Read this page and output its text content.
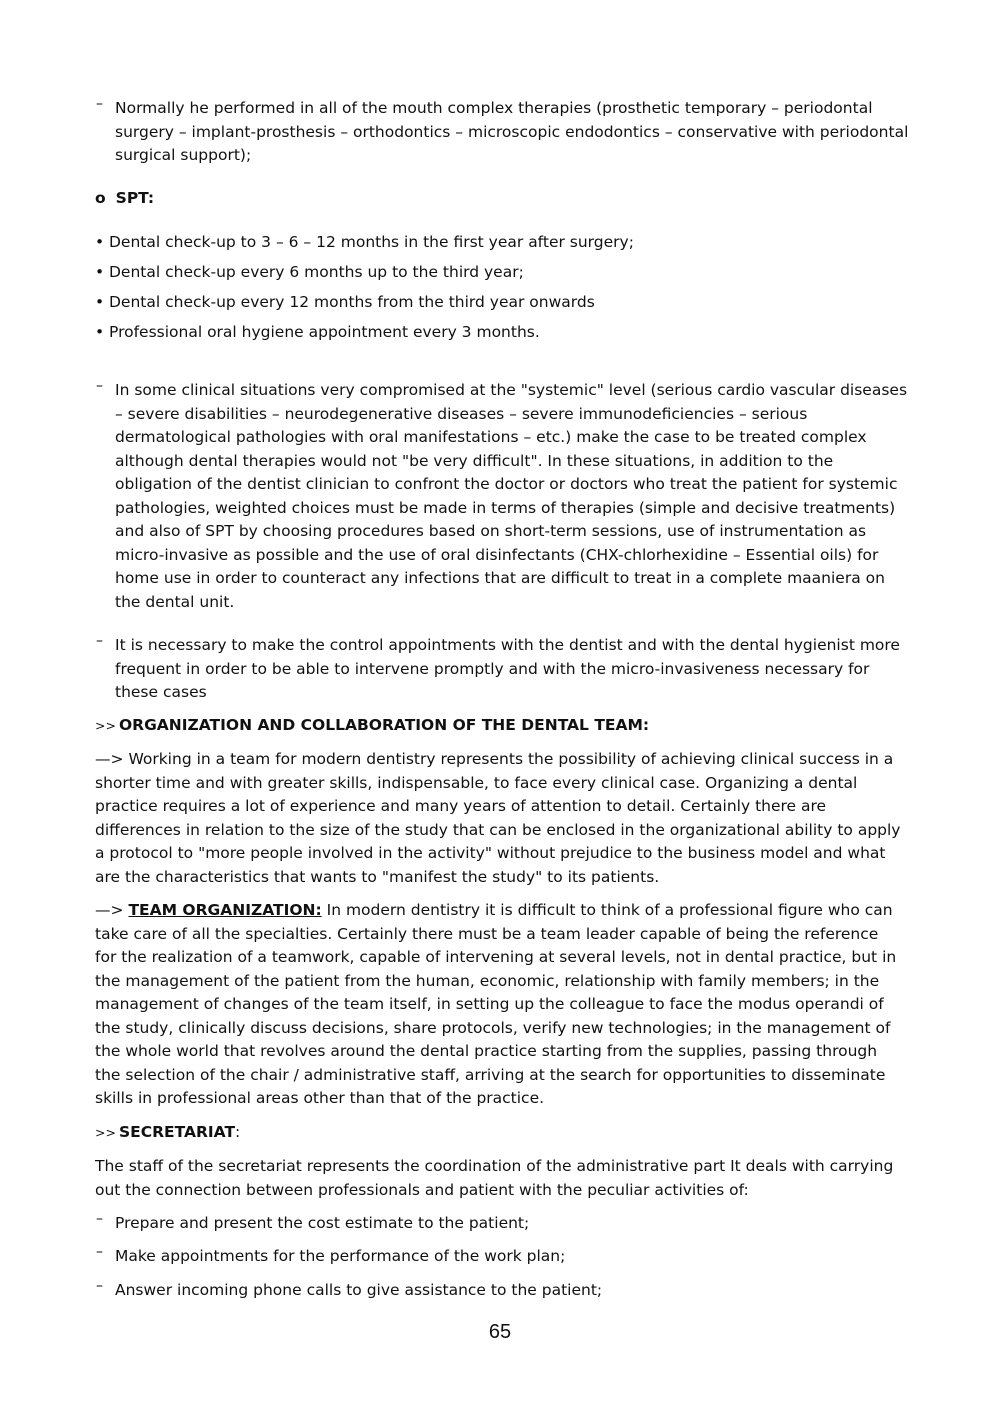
– Normally he performed in all of the mouth complex therapies (prosthetic temporary – periodontal surgery – implant-prosthesis – orthodontics – microscopic endodontics – conservative with periodontal surgical support);
o SPT:
• Dental check-up to 3 – 6 – 12 months in the first year after surgery;
• Dental check-up every 6 months up to the third year;
• Dental check-up every 12 months from the third year onwards
• Professional oral hygiene appointment every 3 months.
– In some clinical situations very compromised at the "systemic" level (serious cardio vascular diseases – severe disabilities – neurodegenerative diseases – severe immunodeficiencies – serious dermatological pathologies with oral manifestations – etc.) make the case to be treated complex although dental therapies would not "be very difficult". In these situations, in addition to the obligation of the dentist clinician to confront the doctor or doctors who treat the patient for systemic pathologies, weighted choices must be made in terms of therapies (simple and decisive treatments) and also of SPT by choosing procedures based on short-term sessions, use of instrumentation as micro-invasive as possible and the use of oral disinfectants (CHX-chlorhexidine – Essential oils) for home use in order to counteract any infections that are difficult to treat in a complete maaniera on the dental unit.
– It is necessary to make the control appointments with the dentist and with the dental hygienist more frequent in order to be able to intervene promptly and with the micro-invasiveness necessary for these cases
>> ORGANIZATION AND COLLABORATION OF THE DENTAL TEAM:
—> Working in a team for modern dentistry represents the possibility of achieving clinical success in a shorter time and with greater skills, indispensable, to face every clinical case. Organizing a dental practice requires a lot of experience and many years of attention to detail. Certainly there are differences in relation to the size of the study that can be enclosed in the organizational ability to apply a protocol to "more people involved in the activity" without prejudice to the business model and what are the characteristics that wants to "manifest the study" to its patients.
—> TEAM ORGANIZATION: In modern dentistry it is difficult to think of a professional figure who can take care of all the specialties. Certainly there must be a team leader capable of being the reference for the realization of a teamwork, capable of intervening at several levels, not in dental practice, but in the management of the patient from the human, economic, relationship with family members; in the management of changes of the team itself, in setting up the colleague to face the modus operandi of the study, clinically discuss decisions, share protocols, verify new technologies; in the management of the whole world that revolves around the dental practice starting from the supplies, passing through the selection of the chair / administrative staff, arriving at the search for opportunities to disseminate skills in professional areas other than that of the practice.
>> SECRETARIAT:
The staff of the secretariat represents the coordination of the administrative part It deals with carrying out the connection between professionals and patient with the peculiar activities of:
– Prepare and present the cost estimate to the patient;
– Make appointments for the performance of the work plan;
– Answer incoming phone calls to give assistance to the patient;
65
